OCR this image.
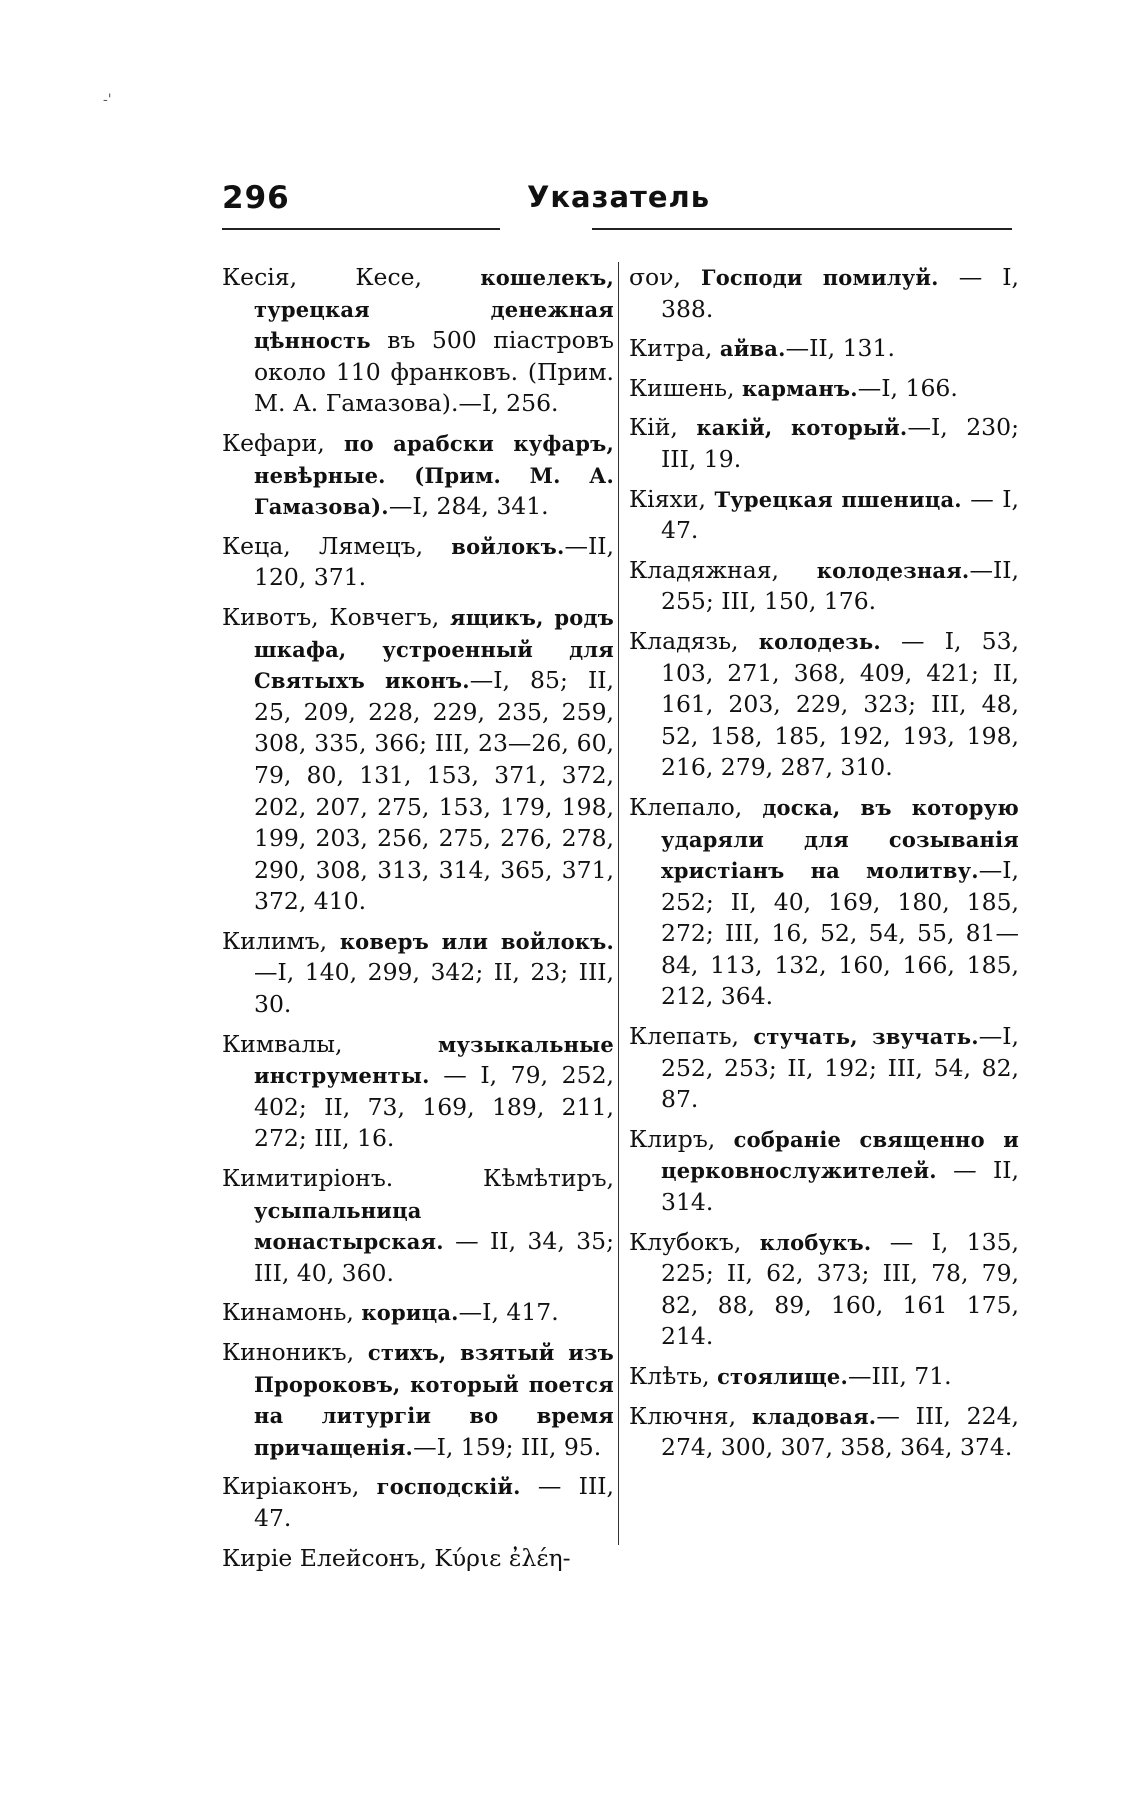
-'
296	Указатель

Кесія, Кесе, кошелекъ, турецкая денежная цѣнность въ 500 піастровъ около 110 франковъ. (Прим. М. А. Гамазова).—I, 256.

Кефари, по арабски куфаръ, невѣрные. (Прим. М. А. Гамазова).—I, 284, 341.

Кеца, Лямецъ, войлокъ.—II, 120, 371.

Кивотъ, Ковчегъ, ящикъ, родъ шкафа, устроенный для Святыхъ иконъ.—I, 85; II, 25, 209, 228, 229, 235, 259, 308, 335, 366; III, 23—26, 60, 79, 80, 131, 153, 371, 372, 202, 207, 275, 153, 179, 198, 199, 203, 256, 275, 276, 278, 290, 308, 313, 314, 365, 371, 372, 410.

Килимъ, коверъ или войлокъ. —I, 140, 299, 342; II, 23; III, 30.

Кимвалы, музыкальные инструменты. — I, 79, 252, 402; II, 73, 169, 189, 211, 272; III, 16.

Кимитиріонъ. Кѣмѣтиръ, усыпальница монастырская. — II, 34, 35; III, 40, 360.

Кинамонь, корица.—I, 417.

Киноникъ, стихъ, взятый изъ Пророковъ, который поется на литургіи во время причащенія.—I, 159; III, 95.

Киріаконъ, господскій. — III, 47.

Киріе Елейсонъ, Κύριε ἐλέη-

σον, Господи помилуй. — I, 388.

Китра, айва.—II, 131.

Кишень, карманъ.—I, 166.

Кій, какій, который.—I, 230; III, 19.

Кіяхи, Турецкая пшеница. — I, 47.

Кладяжная, колодезная.—II, 255; III, 150, 176.

Кладязь, колодезь. — I, 53, 103, 271, 368, 409, 421; II, 161, 203, 229, 323; III, 48, 52, 158, 185, 192, 193, 198, 216, 279, 287, 310.

Клепало, доска, въ которую ударяли для созыванія христіанъ на молитву.—I, 252; II, 40, 169, 180, 185, 272; III, 16, 52, 54, 55, 81—84, 113, 132, 160, 166, 185, 212, 364.

Клепать, стучать, звучать.—I, 252, 253; II, 192; III, 54, 82, 87.

Клиръ, собраніе священно и церковнослужителей. — II, 314.

Клубокъ, клобукъ. — I, 135, 225; II, 62, 373; III, 78, 79, 82, 88, 89, 160, 161 175, 214.

Клѣть, стоялище.—III, 71.

Ключня, кладовая.— III, 224, 274, 300, 307, 358, 364, 374.
